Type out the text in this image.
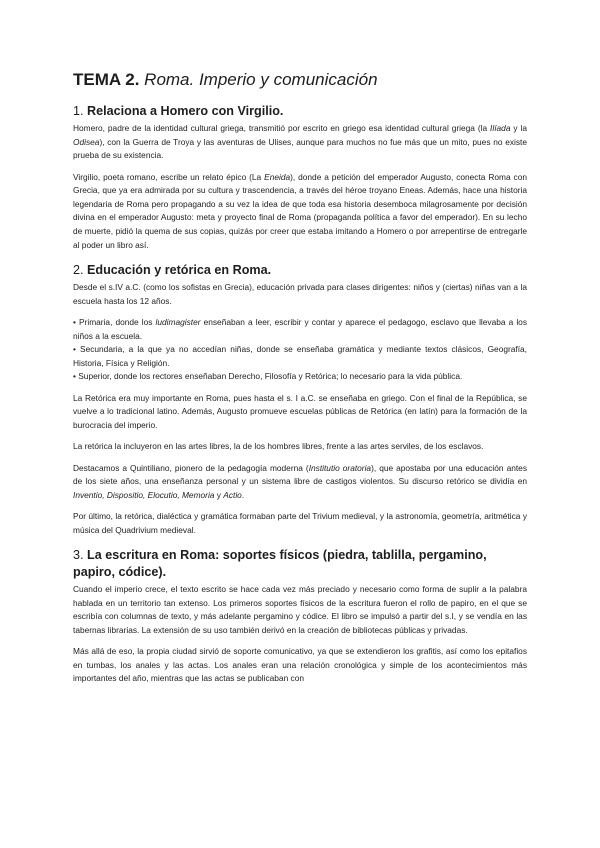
TEMA 2. Roma. Imperio y comunicación
1. Relaciona a Homero con Virgilio.

Homero, padre de la identidad cultural griega, transmitió por escrito en griego esa identidad cultural griega (la Ilíada y la Odisea), con la Guerra de Troya y las aventuras de Ulises, aunque para muchos no fue más que un mito, pues no existe prueba de su existencia.

Virgilio, poeta romano, escribe un relato épico (La Eneida), donde a petición del emperador Augusto, conecta Roma con Grecia, que ya era admirada por su cultura y trascendencia, a través del héroe troyano Eneas. Además, hace una historia legendaria de Roma pero propagando a su vez la idea de que toda esa historia desemboca milagrosamente por decisión divina en el emperador Augusto: meta y proyecto final de Roma (propaganda política a favor del emperador). En su lecho de muerte, pidió la quema de sus copias, quizás por creer que estaba imitando a Homero o por arrepentirse de entregarle al poder un libro así.

2. Educación y retórica en Roma.

Desde el s.IV a.C. (como los sofistas en Grecia), educación privada para clases dirigentes: niños y (ciertas) niñas van a la escuela hasta los 12 años.

• Primaria, donde los ludimagister enseñaban a leer, escribir y contar y aparece el pedagogo, esclavo que llevaba a los niños a la escuela.

• Secundaria, a la que ya no accedían niñas, donde se enseñaba gramática y mediante textos clásicos, Geografía, Historia, Física y Religión.

• Superior, donde los rectores enseñaban Derecho, Filosofía y Retórica; lo necesario para la vida pública.

La Retórica era muy importante en Roma, pues hasta el s. I a.C. se enseñaba en griego. Con el final de la República, se vuelve a lo tradicional latino. Además, Augusto promueve escuelas públicas de Retórica (en latín) para la formación de la burocracia del imperio.

La retórica la incluyeron en las artes libres, la de los hombres libres, frente a las artes serviles, de los esclavos.

Destacamos a Quintiliano, pionero de la pedagogía moderna (Institutio oratoria), que apostaba por una educación antes de los siete años, una enseñanza personal y un sistema libre de castigos violentos. Su discurso retórico se dividía en Inventio, Dispositio, Elocutio, Memoria y Actio.

Por último, la retórica, dialéctica y gramática formaban parte del Trivium medieval, y la astronomía, geometría, aritmética y música del Quadrivium medieval.

3. La escritura en Roma: soportes físicos (piedra, tablilla, pergamino, papiro, códice).

Cuando el imperio crece, el texto escrito se hace cada vez más preciado y necesario como forma de suplir a la palabra hablada en un territorio tan extenso. Los primeros soportes físicos de la escritura fueron el rollo de papiro, en el que se escribía con columnas de texto, y más adelante pergamino y códice. El libro se impulsó a partir del s.I, y se vendía en las tabernas librarias. La extensión de su uso también derivó en la creación de bibliotecas públicas y privadas.

Más allá de eso, la propia ciudad sirvió de soporte comunicativo, ya que se extendieron los grafitis, así como los epitafios en tumbas, los anales y las actas. Los anales eran una relación cronológica y simple de los acontecimientos más importantes del año, mientras que las actas se publicaban con
